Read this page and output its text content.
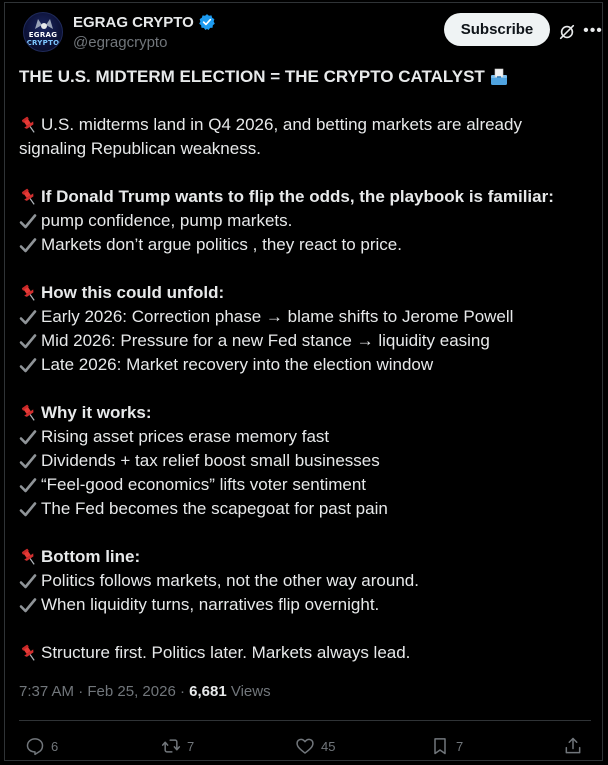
EGRAG
CRYPTO
EGRAG CRYPTO
@egragcrypto
Subscribe	•••
THE U.S. MIDTERM ELECTION = THE CRYPTO CATALYST
U.S. midterms land in Q4 2026, and betting markets are already
signaling Republican weakness.
If Donald Trump wants to flip the odds, the playbook is familiar:
pump confidence, pump markets.
Markets don’t argue politics , they react to price.
How this could unfold:
Early 2026: Correction phase → blame shifts to Jerome Powell
Mid 2026: Pressure for a new Fed stance → liquidity easing
Late 2026: Market recovery into the election window
Why it works:
Rising asset prices erase memory fast
Dividends + tax relief boost small businesses
“Feel-good economics” lifts voter sentiment
The Fed becomes the scapegoat for past pain
Bottom line:
Politics follows markets, not the other way around.
When liquidity turns, narratives flip overnight.
Structure first. Politics later. Markets always lead.
7:37 AM · Feb 25, 2026 · 6,681 Views
6	7	45	7
